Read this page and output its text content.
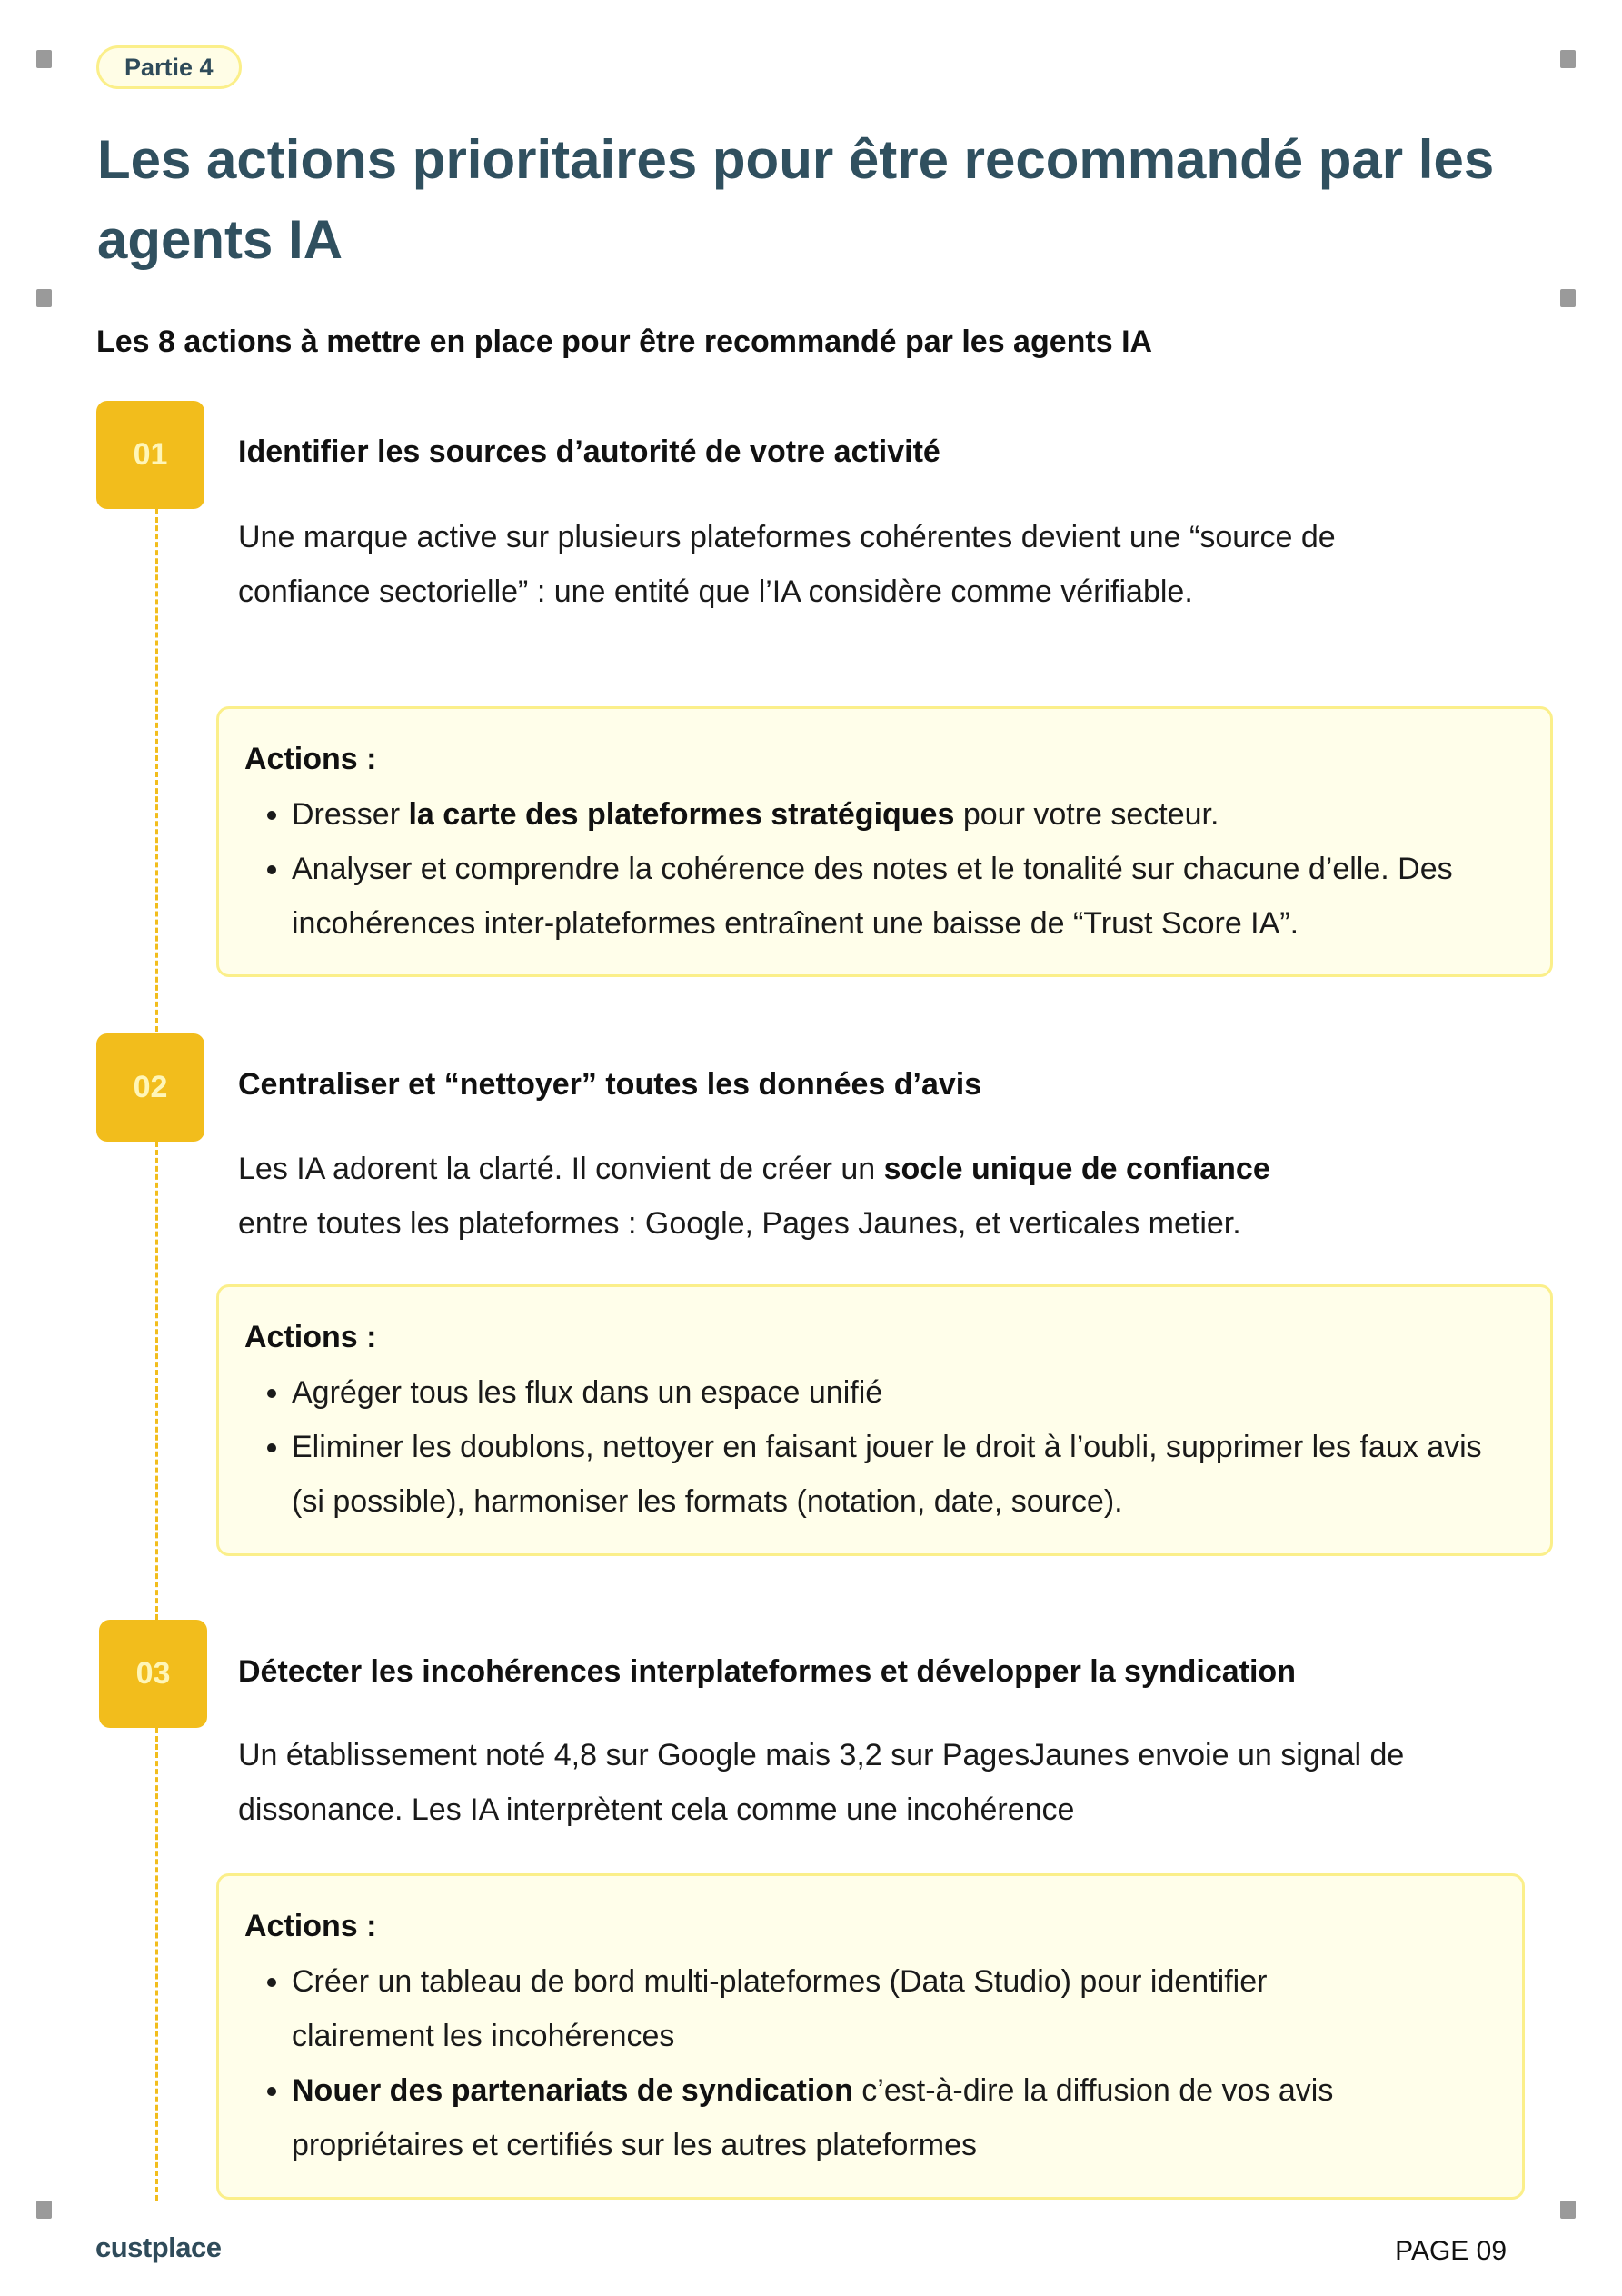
Partie 4
Les actions prioritaires pour être recommandé par les agents IA
Les 8 actions à mettre en place pour être recommandé par les agents IA
01	Identifier les sources d’autorité de votre activité

Une marque active sur plusieurs plateformes cohérentes devient une “source de confiance sectorielle” : une entité que l’IA considère comme vérifiable.

Actions :

• Dresser la carte des plateformes stratégiques pour votre secteur.
• Analyser et comprendre la cohérence des notes et le tonalité sur chacune d’elle. Des incohérences inter-plateformes entraînent une baisse de “Trust Score IA”.
02	Centraliser et “nettoyer” toutes les données d’avis

Les IA adorent la clarté. Il convient de créer un socle unique de confiance
entre toutes les plateformes : Google, Pages Jaunes, et verticales metier.

Actions :

• Agréger tous les flux dans un espace unifié
• Eliminer les doublons, nettoyer en faisant jouer le droit à l’oubli, supprimer les faux avis (si possible), harmoniser les formats (notation, date, source).
03	Détecter les incohérences interplateformes et développer la syndication

Un établissement noté 4,8 sur Google mais 3,2 sur PagesJaunes envoie un signal de dissonance. Les IA interprètent cela comme une incohérence

Actions :

• Créer un tableau de bord multi-plateformes (Data Studio) pour identifier clairement les incohérences
• Nouer des partenariats de syndication c’est-à-dire la diffusion de vos avis propriétaires et certifiés sur les autres plateformes
custplace	PAGE 09
